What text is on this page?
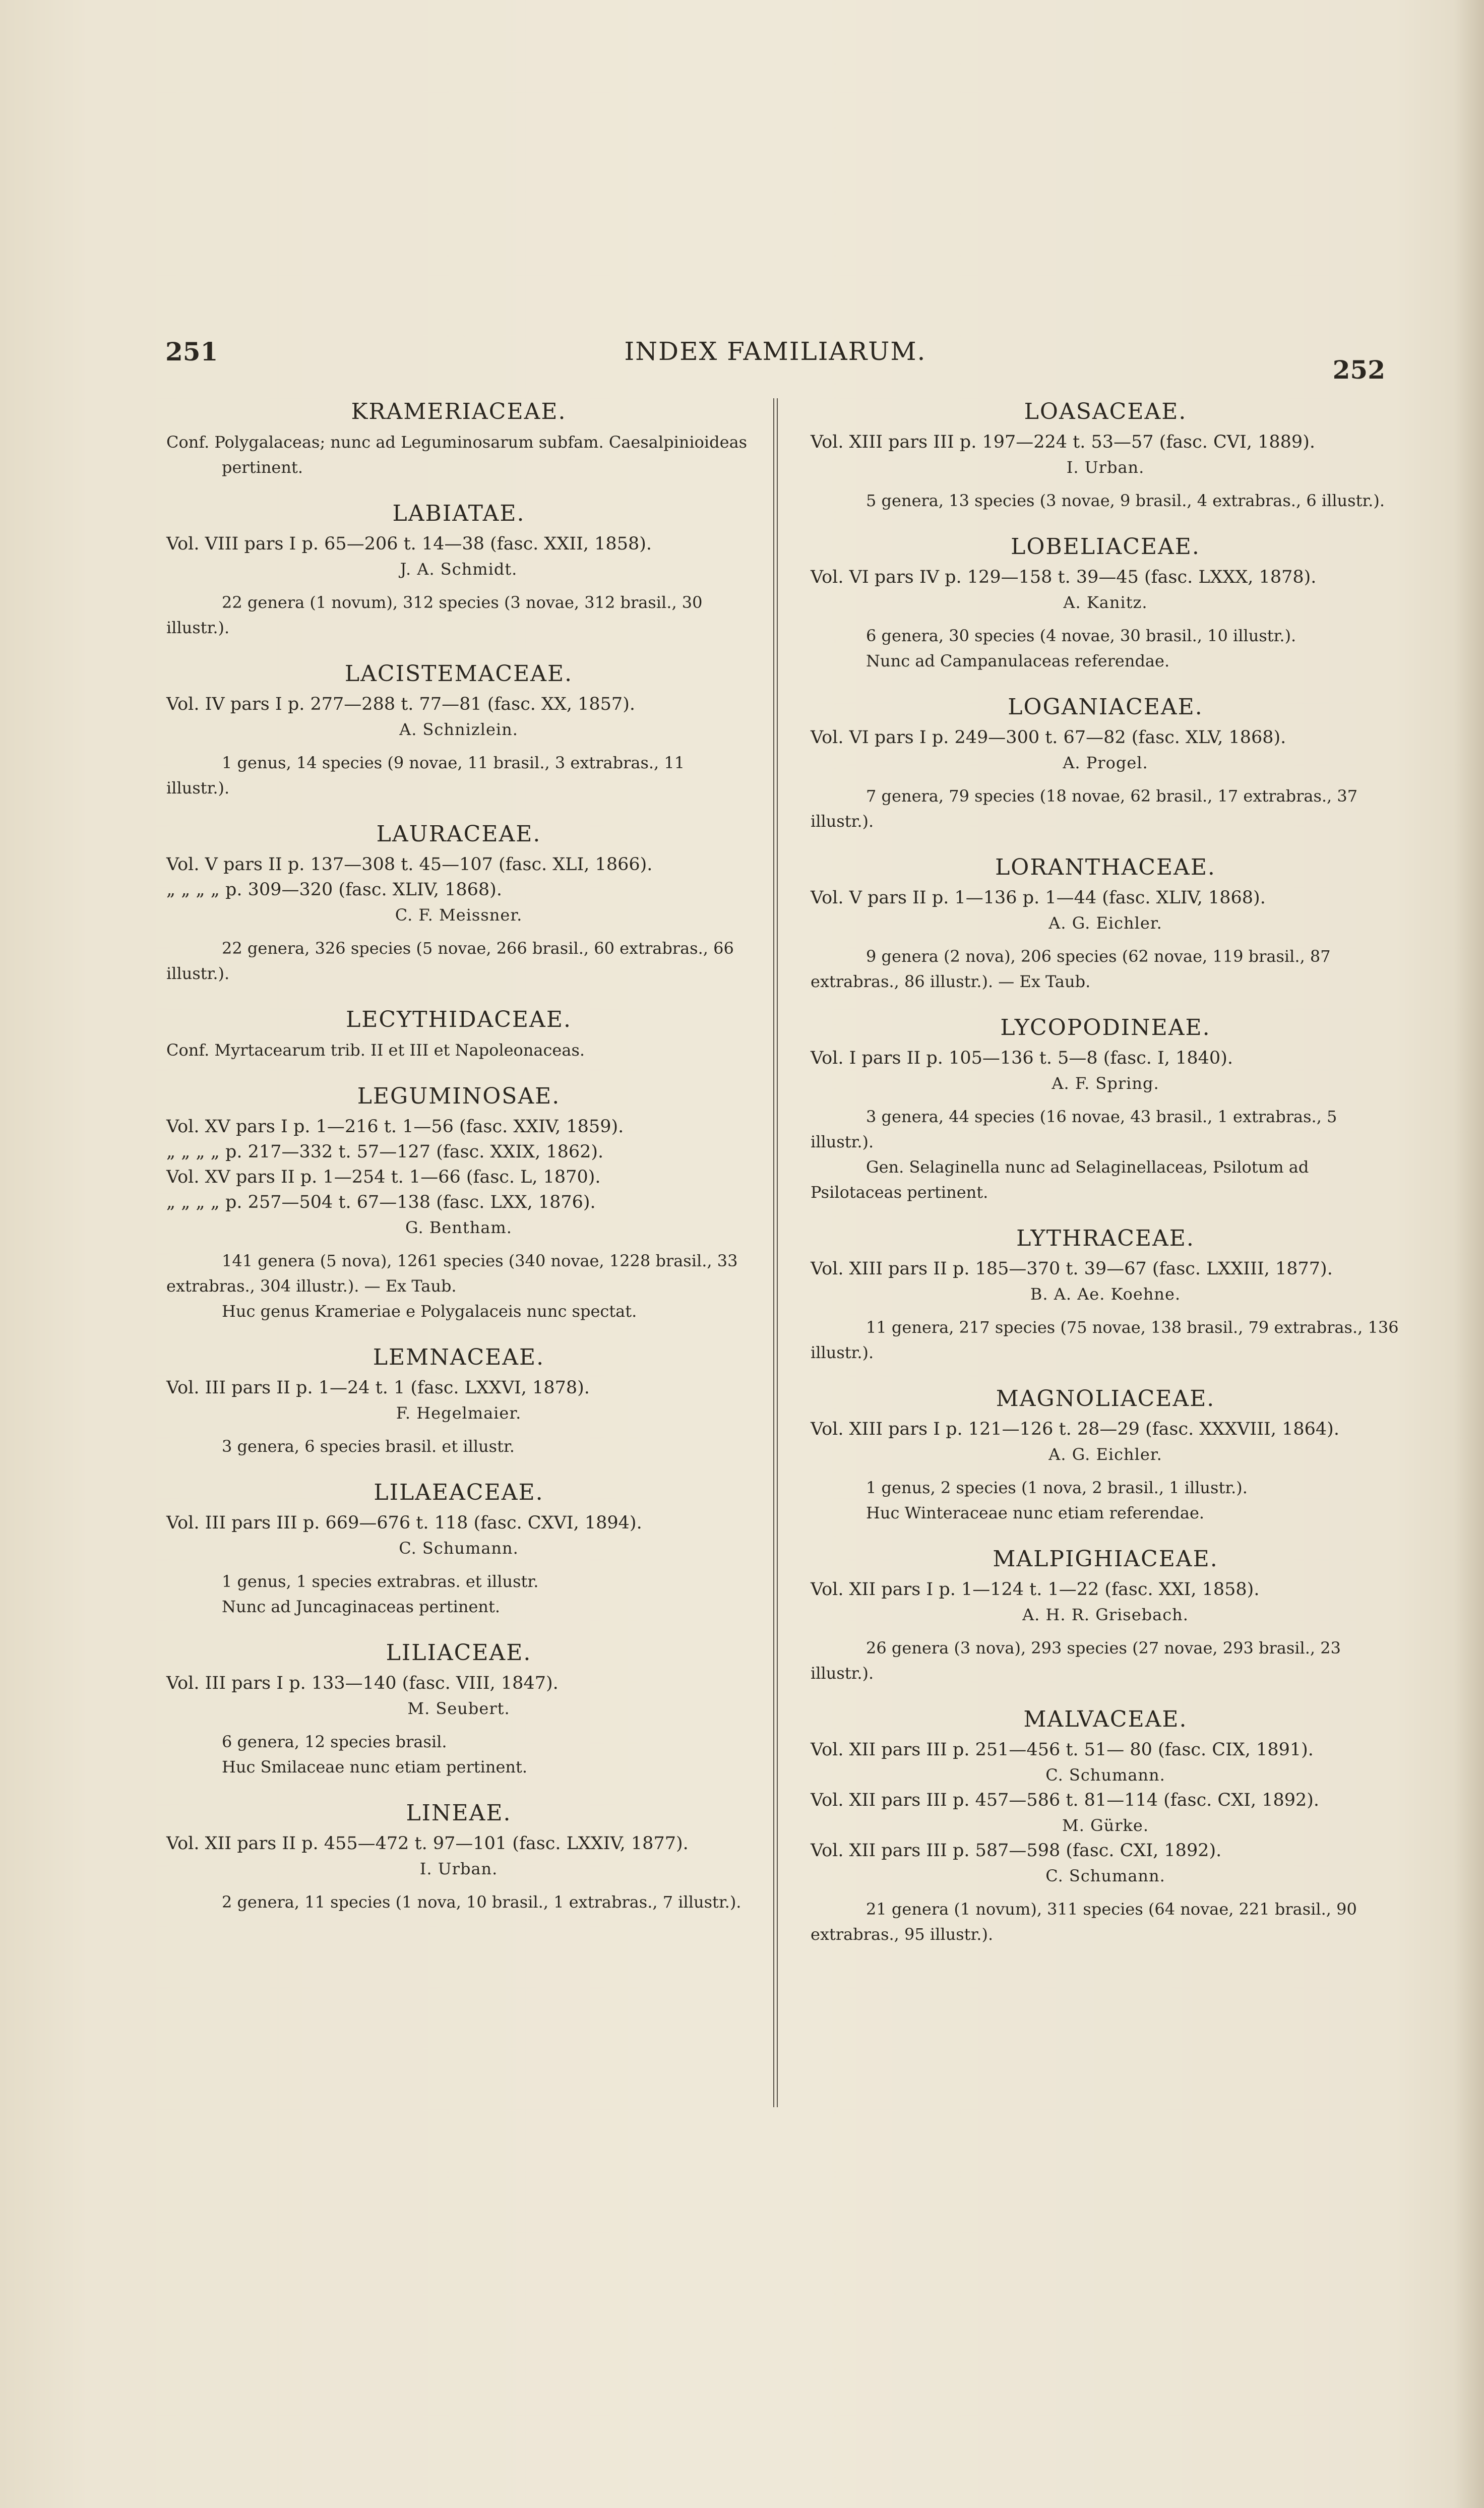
251	INDEX FAMILIARUM.
252
KRAMERIACEAE.
Conf. Polygalaceas; nunc ad Leguminosarum subfam. Caesalpinioideas
pertinent.
LABIATAE.
Vol. VIII pars I p. 65—206 t. 14—38 (fasc. XXII, 1858).
J. A. Schmidt.
22 genera (1 novum), 312 species (3 novae, 312 brasil., 30 illustr.).
LACISTEMACEAE.
Vol. IV pars I p. 277—288 t. 77—81 (fasc. XX, 1857).
A. Schnizlein.
1 genus, 14 species (9 novae, 11 brasil., 3 extrabras., 11 illustr.).
LAURACEAE.
Vol. V pars II p. 137—308 t. 45—107 (fasc. XLI, 1866).
„ „ „ „ p. 309—320 (fasc. XLIV, 1868).
C. F. Meissner.
22 genera, 326 species (5 novae, 266 brasil., 60 extrabras., 66 illustr.).
LECYTHIDACEAE.
Conf. Myrtacearum trib. II et III et Napoleonaceas.
LEGUMINOSAE.
Vol. XV pars I p. 1—216 t. 1—56 (fasc. XXIV, 1859).
„ „ „ „ p. 217—332 t. 57—127 (fasc. XXIX, 1862).
Vol. XV pars II p. 1—254 t. 1—66 (fasc. L, 1870).
„ „ „ „ p. 257—504 t. 67—138 (fasc. LXX, 1876).
G. Bentham.
141 genera (5 nova), 1261 species (340 novae, 1228 brasil., 33 extrabras., 304 illustr.). — Ex Taub.
Huc genus Krameriae e Polygalaceis nunc spectat.
LEMNACEAE.
Vol. III pars II p. 1—24 t. 1 (fasc. LXXVI, 1878).
F. Hegelmaier.
3 genera, 6 species brasil. et illustr.
LILAEACEAE.
Vol. III pars III p. 669—676 t. 118 (fasc. CXVI, 1894).
C. Schumann.
1 genus, 1 species extrabras. et illustr.
Nunc ad Juncaginaceas pertinent.
LILIACEAE.
Vol. III pars I p. 133—140 (fasc. VIII, 1847).
M. Seubert.
6 genera, 12 species brasil.
Huc Smilaceae nunc etiam pertinent.
LINEAE.
Vol. XII pars II p. 455—472 t. 97—101 (fasc. LXXIV, 1877).
I. Urban.
2 genera, 11 species (1 nova, 10 brasil., 1 extrabras., 7 illustr.).
LOASACEAE.
Vol. XIII pars III p. 197—224 t. 53—57 (fasc. CVI, 1889).
I. Urban.
5 genera, 13 species (3 novae, 9 brasil., 4 extrabras., 6 illustr.).
LOBELIACEAE.
Vol. VI pars IV p. 129—158 t. 39—45 (fasc. LXXX, 1878).
A. Kanitz.
6 genera, 30 species (4 novae, 30 brasil., 10 illustr.).
Nunc ad Campanulaceas referendae.
LOGANIACEAE.
Vol. VI pars I p. 249—300 t. 67—82 (fasc. XLV, 1868).
A. Progel.
7 genera, 79 species (18 novae, 62 brasil., 17 extrabras., 37 illustr.).
LORANTHACEAE.
Vol. V pars II p. 1—136 p. 1—44 (fasc. XLIV, 1868).
A. G. Eichler.
9 genera (2 nova), 206 species (62 novae, 119 brasil., 87 extrabras., 86 illustr.). — Ex Taub.
LYCOPODINEAE.
Vol. I pars II p. 105—136 t. 5—8 (fasc. I, 1840).
A. F. Spring.
3 genera, 44 species (16 novae, 43 brasil., 1 extrabras., 5 illustr.).
Gen. Selaginella nunc ad Selaginellaceas, Psilotum ad Psilotaceas pertinent.
LYTHRACEAE.
Vol. XIII pars II p. 185—370 t. 39—67 (fasc. LXXIII, 1877).
B. A. Ae. Koehne.
11 genera, 217 species (75 novae, 138 brasil., 79 extrabras., 136 illustr.).
MAGNOLIACEAE.
Vol. XIII pars I p. 121—126 t. 28—29 (fasc. XXXVIII, 1864).
A. G. Eichler.
1 genus, 2 species (1 nova, 2 brasil., 1 illustr.).
Huc Winteraceae nunc etiam referendae.
MALPIGHIACEAE.
Vol. XII pars I p. 1—124 t. 1—22 (fasc. XXI, 1858).
A. H. R. Grisebach.
26 genera (3 nova), 293 species (27 novae, 293 brasil., 23 illustr.).
MALVACEAE.
Vol. XII pars III p. 251—456 t. 51— 80 (fasc. CIX, 1891).
C. Schumann.
Vol. XII pars III p. 457—586 t. 81—114 (fasc. CXI, 1892).
M. Gürke.
Vol. XII pars III p. 587—598 (fasc. CXI, 1892).
C. Schumann.
21 genera (1 novum), 311 species (64 novae, 221 brasil., 90 extrabras., 95 illustr.).
